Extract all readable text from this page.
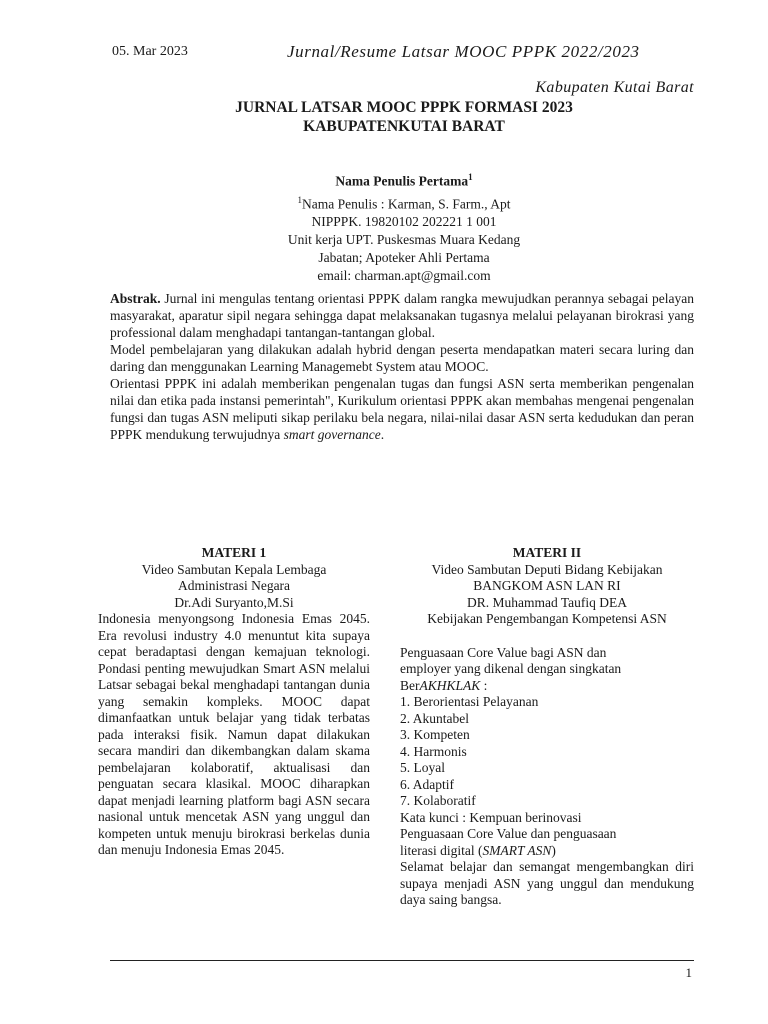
05. Mar 2023	Jurnal/Resume Latsar MOOC PPPK 2022/2023
Kabupaten Kutai Barat
JURNAL LATSAR MOOC PPPK FORMASI 2023
KABUPATENKUTAI BARAT
Nama Penulis Pertama$^1$
$^1$Nama Penulis : Karman, S. Farm., Apt
NIPPPK. 19820102 202221 1 001
Unit kerja UPT. Puskesmas Muara Kedang
Jabatan; Apoteker Ahli Pertama
email: charman.apt@gmail.com

Abstrak. Jurnal ini mengulas tentang orientasi PPPK dalam rangka mewujudkan perannya sebagai pelayan masyarakat, aparatur sipil negara sehingga dapat melaksanakan tugasnya melalui pelayanan birokrasi yang professional dalam menghadapi tantangan-tantangan global.

Model pembelajaran yang dilakukan adalah hybrid dengan peserta mendapatkan materi secara luring dan daring dan menggunakan Learning Managemebt System atau MOOC.

Orientasi PPPK ini adalah memberikan pengenalan tugas dan fungsi ASN serta memberikan pengenalan nilai dan etika pada instansi pemerintah", Kurikulum orientasi PPPK akan membahas mengenai pengenalan fungsi dan tugas ASN meliputi sikap perilaku bela negara, nilai-nilai dasar ASN serta kedudukan dan peran PPPK mendukung terwujudnya smart governance.

MATERI 1

Video Sambutan Kepala Lembaga

Administrasi Negara

Dr.Adi Suryanto,M.Si

Indonesia menyongsong Indonesia Emas 2045. Era revolusi industry 4.0 menuntut kita supaya cepat beradaptasi dengan kemajuan teknologi. Pondasi penting mewujudkan Smart ASN melalui Latsar sebagai bekal menghadapi tantangan dunia yang semakin kompleks. MOOC dapat dimanfaatkan untuk belajar yang tidak terbatas pada interaksi fisik. Namun dapat dilakukan secara mandiri dan dikembangkan dalam skama pembelajaran kolaboratif, aktualisasi dan penguatan secara klasikal. MOOC diharapkan dapat menjadi learning platform bagi ASN secara nasional untuk mencetak ASN yang unggul dan kompeten untuk menuju birokrasi berkelas dunia dan menuju Indonesia Emas 2045.

MATERI II

Video Sambutan Deputi Bidang Kebijakan

BANGKOM ASN LAN RI

DR. Muhammad Taufiq DEA

Kebijakan Pengembangan Kompetensi ASN

Penguasaan Core Value bagi ASN dan

employer yang dikenal dengan singkatan

BerAKHKLAK :

1. Berorientasi Pelayanan
2. Akuntabel
3. Kompeten
4. Harmonis
5. Loyal
6. Adaptif
7. Kolaboratif

Kata kunci : Kempuan berinovasi

Penguasaan Core Value dan penguasaan

literasi digital (SMART ASN)

Selamat belajar dan semangat mengembangkan diri supaya menjadi ASN yang unggul dan mendukung daya saing bangsa.

1
